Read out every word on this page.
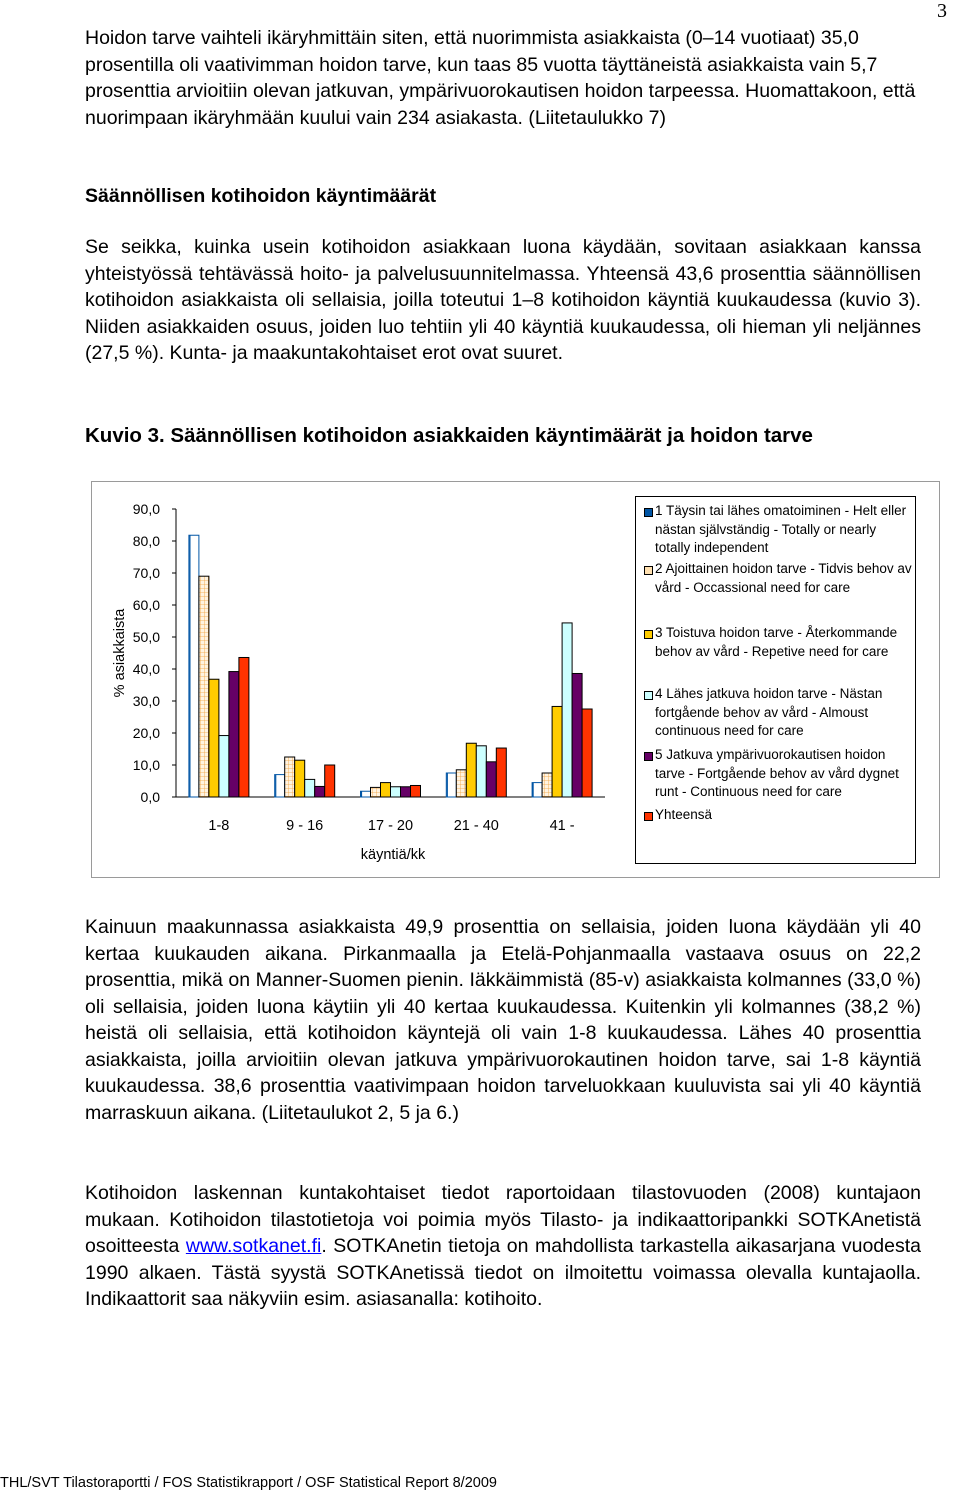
3

Hoidon tarve vaihteli ikäryhmittäin siten, että nuorimmista asiakkaista (0–14 vuotiaat) 35,0 prosentilla oli vaativimman hoidon tarve, kun taas 85 vuotta täyttäneistä asiakkaista vain 5,7 prosenttia arvioitiin olevan jatkuvan, ympärivuorokautisen hoidon tarpeessa. Huomattakoon, että nuorimpaan ikäryhmään kuului vain 234 asiakasta. (Liitetaulukko 7)

Säännöllisen kotihoidon käyntimäärät

Se seikka, kuinka usein kotihoidon asiakkaan luona käydään, sovitaan asiakkaan kanssa yhteistyössä tehtävässä hoito- ja palvelusuunnitelmassa. Yhteensä 43,6 prosenttia säännöllisen kotihoidon asiakkaista oli sellaisia, joilla toteutui 1–8 kotihoidon käyntiä kuukaudessa (kuvio 3). Niiden asiakkaiden osuus, joiden luo tehtiin yli 40 käyntiä kuukaudessa, oli hieman yli neljännes (27,5 %). Kunta- ja maakuntakohtaiset erot ovat suuret.

Kuvio 3. Säännöllisen kotihoidon asiakkaiden käyntimäärät ja hoidon tarve

0,0
10,0
20,0
30,0
40,0
50,0
60,0
70,0
80,0
90,0
% asiakkaista
1-8	9 - 16	17 - 20	21 - 40	41 -
käyntiä/kk
1 Täysin tai lähes omatoiminen - Helt eller nästan självständig - Totally or nearly totally independent
2 Ajoittainen hoidon tarve - Tidvis behov av vård - Occassional need for care
3 Toistuva hoidon tarve - Återkommande behov av vård - Repetive need for care
4 Lähes jatkuva hoidon tarve - Nästan fortgående behov av vård - Almoust continuous need for care
5 Jatkuva ympärivuorokautisen hoidon tarve - Fortgående behov av vård dygnet runt - Continuous need for care
Yhteensä

Kainuun maakunnassa asiakkaista 49,9 prosenttia on sellaisia, joiden luona käydään yli 40 kertaa kuukauden aikana. Pirkanmaalla ja Etelä-Pohjanmaalla vastaava osuus on 22,2 prosenttia, mikä on Manner-Suomen pienin. Iäkkäimmistä (85-v) asiakkaista kolmannes (33,0 %) oli sellaisia, joiden luona käytiin yli 40 kertaa kuukaudessa. Kuitenkin yli kolmannes (38,2 %) heistä oli sellaisia, että kotihoidon käyntejä oli vain 1-8 kuukaudessa. Lähes 40 prosenttia asiakkaista, joilla arvioitiin olevan jatkuva ympärivuorokautinen hoidon tarve, sai 1-8 käyntiä kuukaudessa. 38,6 prosenttia vaativimpaan hoidon tarveluokkaan kuuluvista sai yli 40 käyntiä marraskuun aikana. (Liitetaulukot 2, 5 ja 6.)

Kotihoidon laskennan kuntakohtaiset tiedot raportoidaan tilastovuoden (2008) kuntajaon mukaan. Kotihoidon tilastotietoja voi poimia myös Tilasto- ja indikaattoripankki SOTKAnetistä osoitteesta www.sotkanet.fi. SOTKAnetin tietoja on mahdollista tarkastella aikasarjana vuodesta 1990 alkaen. Tästä syystä SOTKAnetissä tiedot on ilmoitettu voimassa olevalla kuntajaolla. Indikaattorit saa näkyviin esim. asiasanalla: kotihoito.

THL/SVT Tilastoraportti / FOS Statistikrapport / OSF Statistical Report 8/2009
